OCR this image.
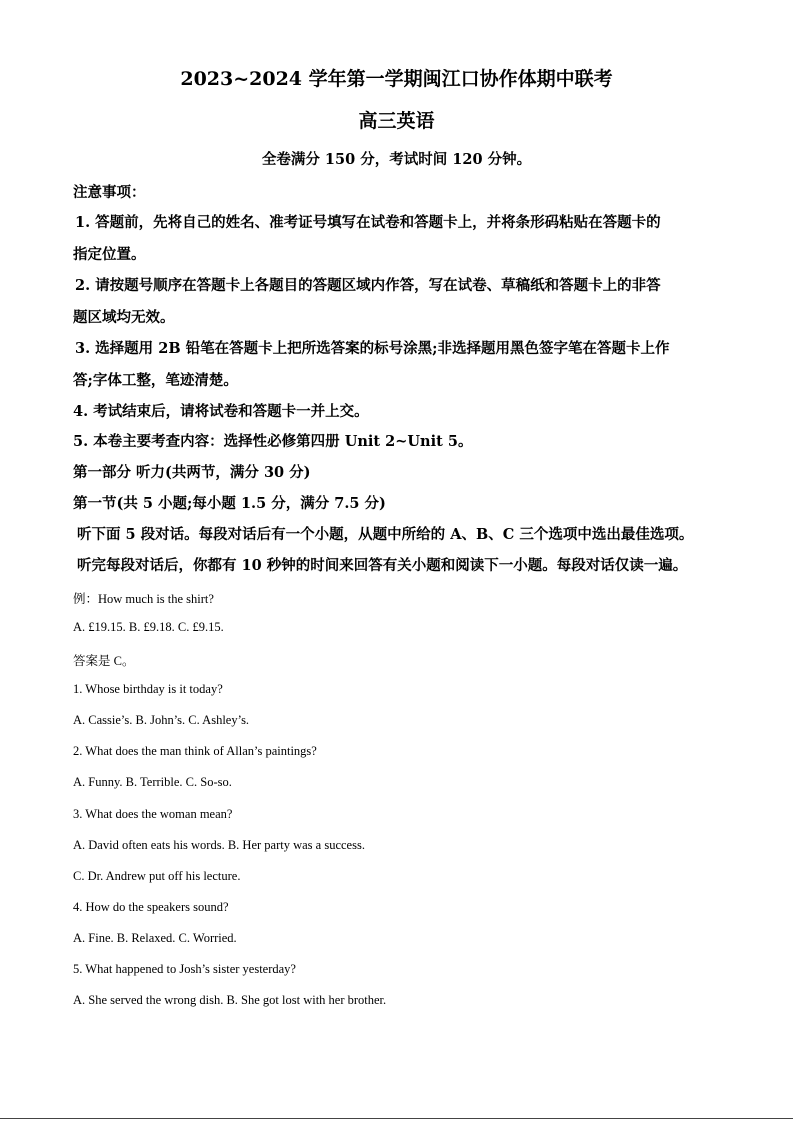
2023~2024 学年第一学期闽江口协作体期中联考
高三英语
全卷满分 150 分，考试时间 120 分钟。
注意事项：
1. 答题前，先将自己的姓名、准考证号填写在试卷和答题卡上，并将条形码粘贴在答题卡的
指定位置。
2. 请按题号顺序在答题卡上各题目的答题区域内作答，写在试卷、草稿纸和答题卡上的非答
题区域均无效。
3. 选择题用 2B 铅笔在答题卡上把所选答案的标号涂黑;非选择题用黑色签字笔在答题卡上作
答;字体工整，笔迹清楚。
4. 考试结束后，请将试卷和答题卡一并上交。
5. 本卷主要考查内容：选择性必修第四册 Unit 2~Unit 5。
第一部分 听力(共两节，满分 30 分)
第一节(共 5 小题;每小题 1.5 分，满分 7.5 分)
听下面 5 段对话。每段对话后有一个小题，从题中所给的 A、B、C 三个选项中选出最佳选项。
听完每段对话后，你都有 10 秒钟的时间来回答有关小题和阅读下一小题。每段对话仅读一遍。
例：How much is the shirt?
A. £19.15. B. £9.18. C. £9.15.
答案是 C。
1. Whose birthday is it today?
A. Cassie’s. B. John’s. C. Ashley’s.
2. What does the man think of Allan’s paintings?
A. Funny. B. Terrible. C. So-so.
3. What does the woman mean?
A. David often eats his words. B. Her party was a success.
C. Dr. Andrew put off his lecture.
4. How do the speakers sound?
A. Fine. B. Relaxed. C. Worried.
5. What happened to Josh’s sister yesterday?
A. She served the wrong dish. B. She got lost with her brother.
